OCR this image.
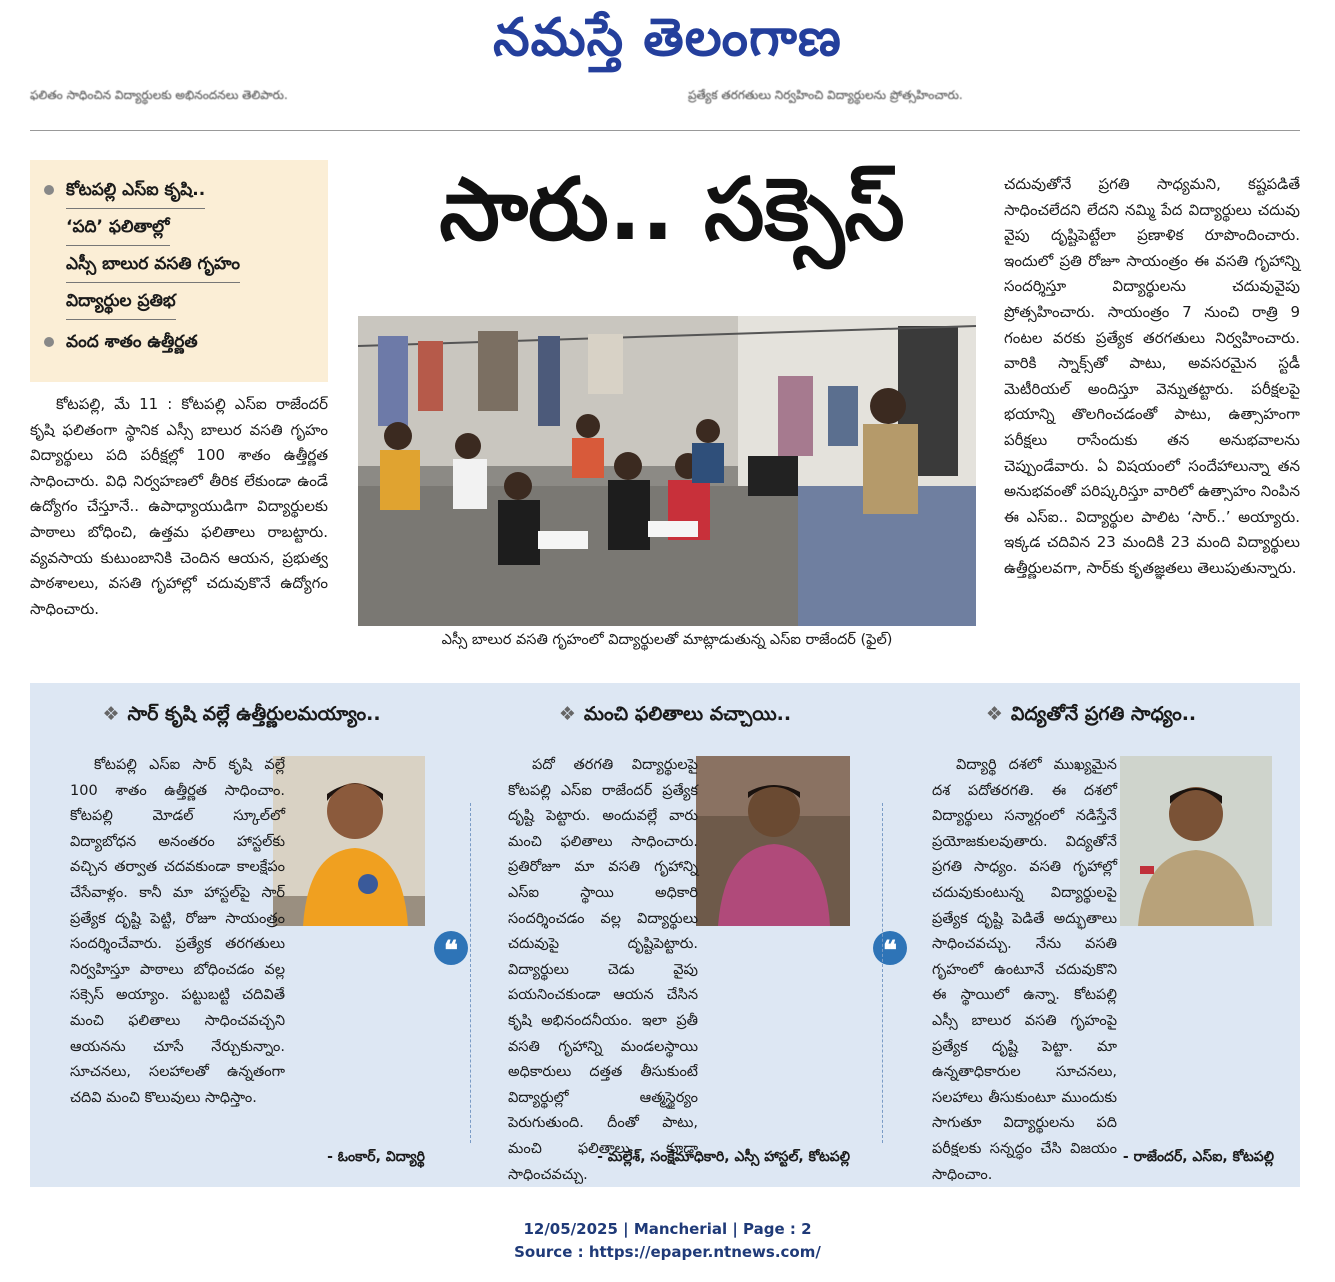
నమస్తే తెలంగాణ
ఫలితం సాధించిన విద్యార్థులకు అభినందనలు తెలిపారు.	ప్రత్యేక తరగతులు నిర్వహించి విద్యార్థులను ప్రోత్సహించారు.
కోటపల్లి ఎస్‌ఐ కృషి..
‘పది’ ఫలితాల్లో
ఎస్సీ బాలుర వసతి గృహం
విద్యార్థుల ప్రతిభ
వంద శాతం ఉత్తీర్ణత
సారు.. సక్సెస్

కోటపల్లి, మే 11 : కోటపల్లి ఎస్‌ఐ రాజేందర్ కృషి ఫలితంగా స్థానిక ఎస్సీ బాలుర వసతి గృహం విద్యార్థులు పది పరీక్షల్లో 100 శాతం ఉత్తీర్ణత సాధించారు. విధి నిర్వహణలో తీరిక లేకుండా ఉండే ఉద్యోగం చేస్తూనే.. ఉపాధ్యాయుడిగా విద్యార్థులకు పాఠాలు బోధించి, ఉత్తమ ఫలితాలు రాబట్టారు. వ్యవసాయ కుటుంబానికి చెందిన ఆయన, ప్రభుత్వ పాఠశాలలు, వసతి గృహాల్లో చదువుకొనే ఉద్యోగం సాధించారు.

ఎస్సీ బాలుర వసతి గృహంలో విద్యార్థులతో మాట్లాడుతున్న ఎస్‌ఐ రాజేందర్ (ఫైల్)

చదువుతోనే ప్రగతి సాధ్యమని, కష్టపడితే సాధించలేదని లేదని నమ్మి పేద విద్యార్థులు చదువు వైపు దృష్టిపెట్టేలా ప్రణాళిక రూపొందించారు. ఇందులో ప్రతి రోజూ సాయంత్రం ఈ వసతి గృహాన్ని సందర్శిస్తూ విద్యార్థులను చదువువైపు ప్రోత్సహించారు. సాయంత్రం 7 నుంచి రాత్రి 9 గంటల వరకు ప్రత్యేక తరగతులు నిర్వహించారు. వారికి స్నాక్స్‌తో పాటు, అవసరమైన స్టడీ మెటీరియల్ అందిస్తూ వెన్నుతట్టారు. పరీక్షలపై భయాన్ని తొలగించడంతో పాటు, ఉత్సాహంగా పరీక్షలు రాసేందుకు తన అనుభవాలను చెప్పుండేవారు. ఏ విషయంలో సందేహాలున్నా తన అనుభవంతో పరిష్కరిస్తూ వారిలో ఉత్సాహం నింపిన ఈ ఎస్‌ఐ.. విద్యార్థుల పాలిట ‘సార్..’ అయ్యారు. ఇక్కడ చదివిన 23 మందికి 23 మంది విద్యార్థులు ఉత్తీర్ణులవగా, సార్‌కు కృతజ్ఞతలు తెలుపుతున్నారు.

❖ సార్ కృషి వల్లే ఉత్తీర్ణులమయ్యాం..

కోటపల్లి ఎస్‌ఐ సార్ కృషి వల్లే 100 శాతం ఉత్తీర్ణత సాధించాం. కోటపల్లి మోడల్ స్కూల్‌లో విద్యాబోధన అనంతరం హాస్టల్‌కు వచ్చిన తర్వాత చదవకుండా కాలక్షేపం చేసేవాళ్లం. కానీ మా హాస్టల్‌పై సార్ ప్రత్యేక దృష్టి పెట్టి, రోజూ సాయంత్రం సందర్శించేవారు. ప్రత్యేక తరగతులు నిర్వహిస్తూ పాఠాలు బోధించడం వల్ల సక్సెస్ అయ్యాం. పట్టుబట్టి చదివితే మంచి ఫలితాలు సాధించవచ్చని ఆయనను చూసే నేర్చుకున్నాం. సూచనలు, సలహాలతో ఉన్నతంగా చదివి మంచి కొలువులు సాధిస్తాం.

❝
- ఓంకార్, విద్యార్థి
❖ మంచి ఫలితాలు వచ్చాయి..

పదో తరగతి విద్యార్థులపై కోటపల్లి ఎస్‌ఐ రాజేందర్ ప్రత్యేక దృష్టి పెట్టారు. అందువల్లే వారు మంచి ఫలితాలు సాధించారు. ప్రతిరోజూ మా వసతి గృహాన్ని ఎస్‌ఐ స్థాయి అధికారి సందర్శించడం వల్ల విద్యార్థులు చదువుపై దృష్టిపెట్టారు. విద్యార్థులు చెడు వైపు పయనించకుండా ఆయన చేసిన కృషి అభినందనీయం. ఇలా ప్రతీ వసతి గృహాన్ని మండలస్థాయి అధికారులు దత్తత తీసుకుంటే విద్యార్థుల్లో ఆత్మస్థైర్యం పెరుగుతుంది. దీంతో పాటు, మంచి ఫలితాలు కూడా సాధించవచ్చు.

❝
- మల్లేశ్, సంక్షేమాధికారి, ఎస్సీ హాస్టల్, కోటపల్లి
❖ విద్యతోనే ప్రగతి సాధ్యం..

విద్యార్థి దశలో ముఖ్యమైన దశ పదోతరగతి. ఈ దశలో విద్యార్థులు సన్మార్గంలో నడిస్తేనే ప్రయోజకులవుతారు. విద్యతోనే ప్రగతి సాధ్యం. వసతి గృహాల్లో చదువుకుంటున్న విద్యార్థులపై ప్రత్యేక దృష్టి పెడితే అద్భుతాలు సాధించవచ్చు. నేను వసతి గృహంలో ఉంటూనే చదువుకొని ఈ స్థాయిలో ఉన్నా. కోటపల్లి ఎస్సీ బాలుర వసతి గృహంపై ప్రత్యేక దృష్టి పెట్టా. మా ఉన్నతాధికారుల సూచనలు, సలహాలు తీసుకుంటూ ముందుకు సాగుతూ విద్యార్థులను పది పరీక్షలకు సన్నద్ధం చేసి విజయం సాధించాం.

- రాజేందర్, ఎస్‌ఐ, కోటపల్లి
12/05/2025 | Mancherial | Page : 2
Source : https://epaper.ntnews.com/
